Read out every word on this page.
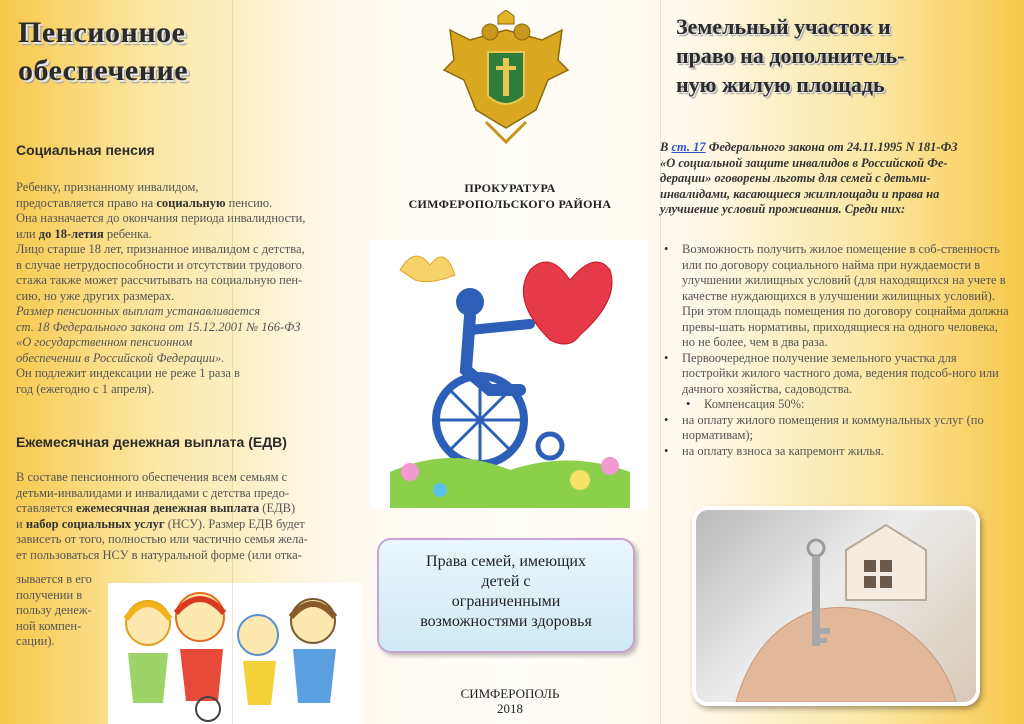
Пенсионное
обеспечение
Социальная пенсия

Ребенку, признанному инвалидом,

предоставляется право на социальную пенсию.

Она назначается до окончания периода инвалидности,

или до 18-летия ребенка.

Лицо старше 18 лет, признанное инвалидом с детства,

в случае нетрудоспособности и отсутствии трудового

стажа также может рассчитывать на социальную пен-

сию, но уже других размерах.

Размер пенсионных выплат устанавливается

ст. 18 Федерального закона от 15.12.2001 № 166-ФЗ

«О государственном пенсионном

обеспечении в Российской Федерации».

Он подлежит индексации не реже 1 раза в

год (ежегодно с 1 апреля).

Ежемесячная денежная выплата (ЕДВ)

В составе пенсионного обеспечения всем семьям с

детьми-инвалидами и инвалидами с детства предо-

ставляется ежемесячная денежная выплата (ЕДВ)

и набор социальных услуг (НСУ). Размер ЕДВ будет

зависеть от того, полностью или частично семья жела-

ет пользоваться НСУ в натуральной форме (или отка-

зывается в его

получении в

пользу денеж-

ной компен-

сации).

ПРОКУРАТУРА
СИМФЕРОПОЛЬСКОГО РАЙОНА
Права семей, имеющих
детей с
ограниченными
возможностями здоровья
СИМФЕРОПОЛЬ
2018
Земельный участок и
право на дополнитель-
ную жилую площадь

В ст. 17 Федерального закона от 24.11.1995 N 181-ФЗ

«О социальной защите инвалидов в Российской Фе-

дерации» оговорены льготы для семей с детьми-

инвалидами, касающиеся жилплощади и права на

улучшение условий проживания. Среди них:

• Возможность получить жилое помещение в соб-ственность или по договору социального найма при нуждаемости в улучшении жилищных условий (для находящихся на учете в качестве нуждающихся в улучшении жилищных условий). При этом площадь помещения по договору соцнайма должна превы-шать нормативы, приходящиеся на одного человека, но не более, чем в два раза.
• Первоочередное получение земельного участка для постройки жилого частного дома, ведения подсоб-ного или дачного хозяйства, садоводства.
• Компенсация 50%:
• на оплату жилого помещения и коммунальных услуг (по нормативам);
• на оплату взноса за капремонт жилья.
